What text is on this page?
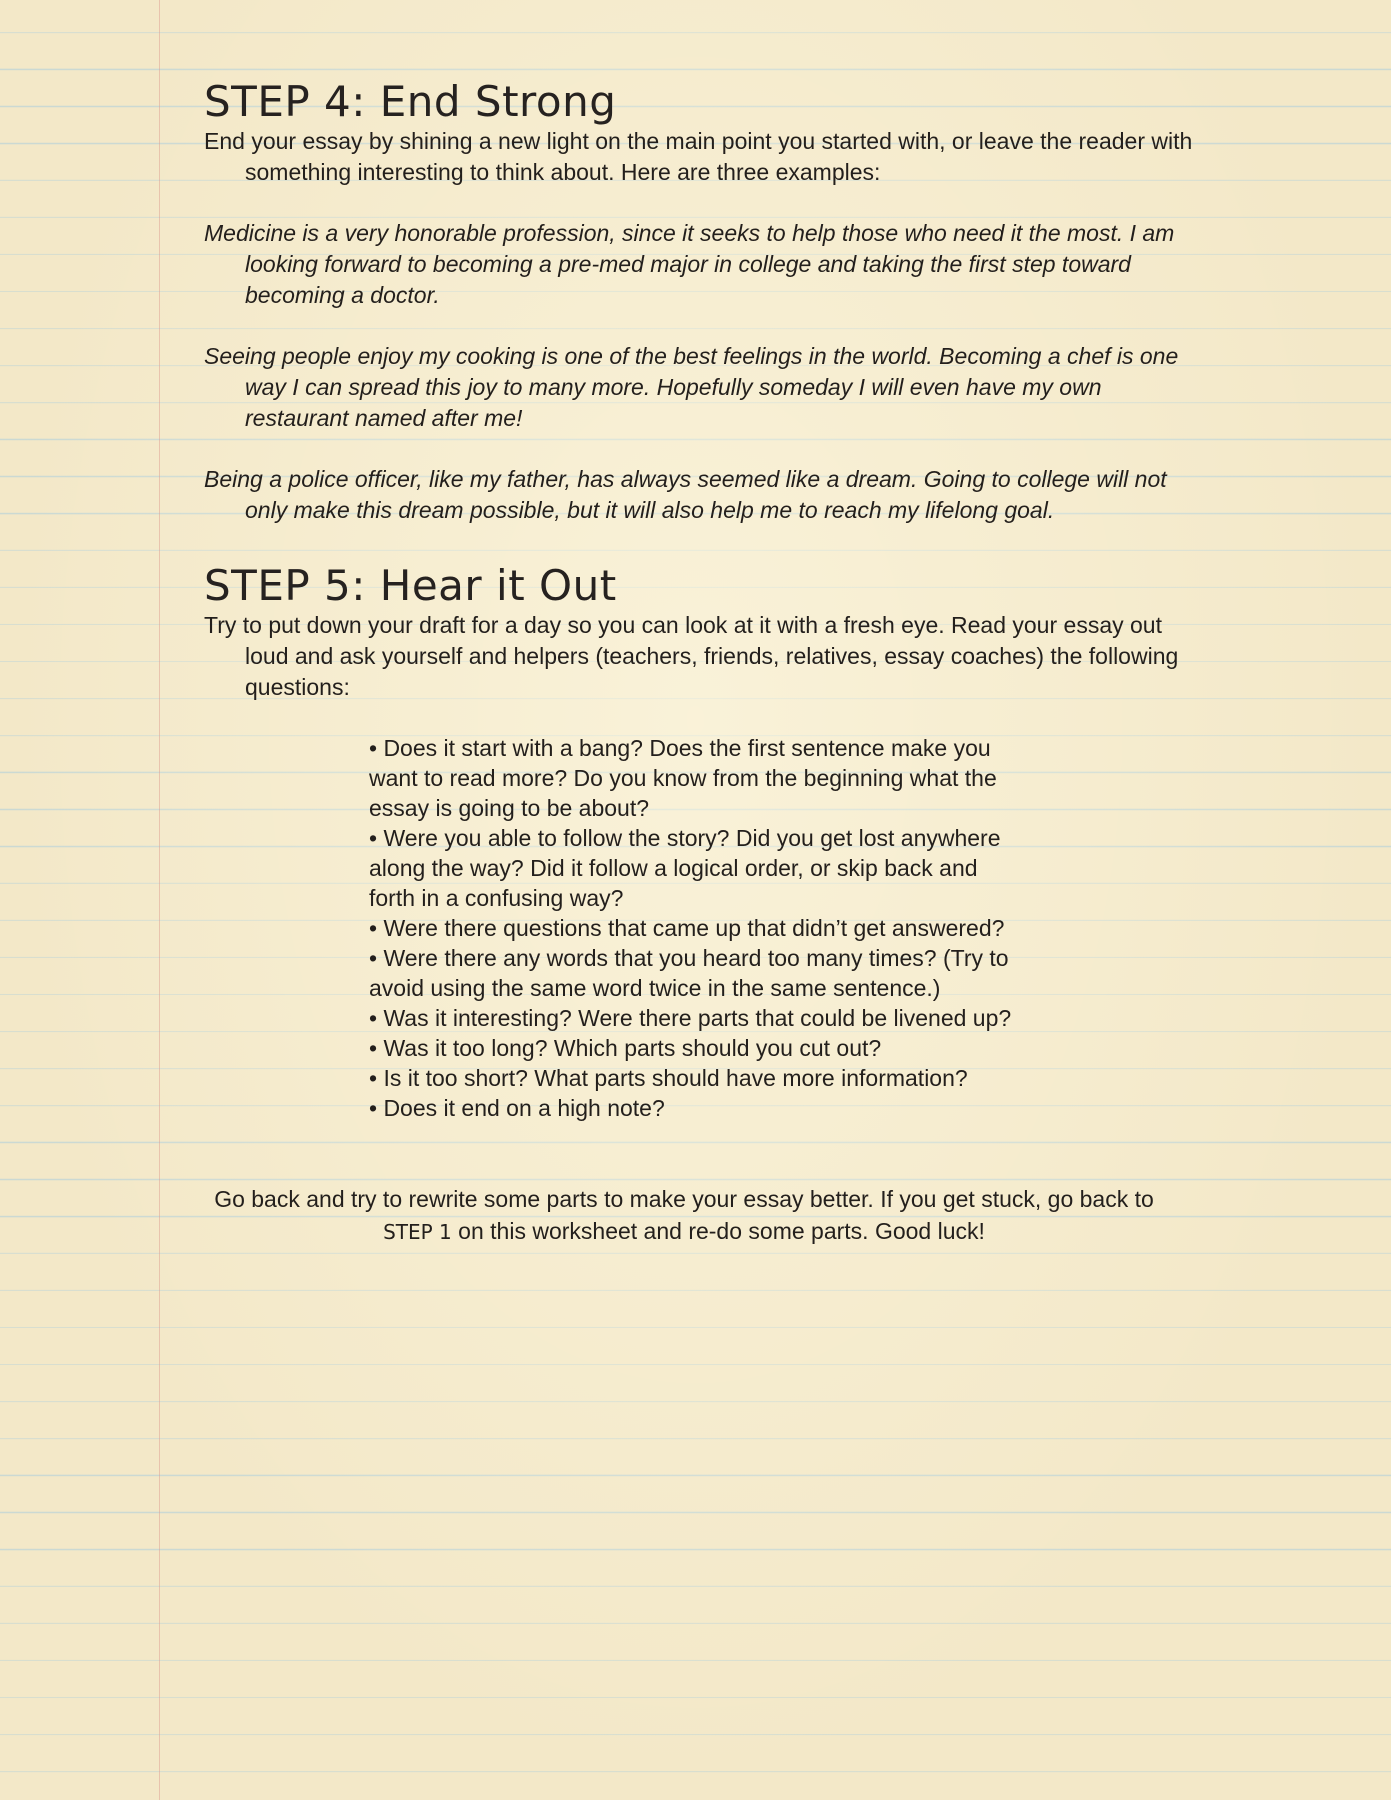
STEP 4: End Strong

End your essay by shining a new light on the main point you started with, or leave the reader with something interesting to think about. Here are three examples:

Medicine is a very honorable profession, since it seeks to help those who need it the most. I am looking forward to becoming a pre-med major in college and taking the first step toward becoming a doctor.

Seeing people enjoy my cooking is one of the best feelings in the world. Becoming a chef is one way I can spread this joy to many more. Hopefully someday I will even have my own restaurant named after me!

Being a police officer, like my father, has always seemed like a dream. Going to college will not only make this dream possible, but it will also help me to reach my lifelong goal.

STEP 5: Hear it Out

Try to put down your draft for a day so you can look at it with a fresh eye. Read your essay out loud and ask yourself and helpers (teachers, friends, relatives, essay coaches) the following questions:

• Does it start with a bang? Does the first sentence make you want to read more? Do you know from the beginning what the essay is going to be about?
• Were you able to follow the story? Did you get lost anywhere along the way? Did it follow a logical order, or skip back and forth in a confusing way?
• Were there questions that came up that didn’t get answered?
• Were there any words that you heard too many times? (Try to avoid using the same word twice in the same sentence.)
• Was it interesting? Were there parts that could be livened up?
• Was it too long? Which parts should you cut out?
• Is it too short? What parts should have more information?
• Does it end on a high note?

Go back and try to rewrite some parts to make your essay better. If you get stuck, go back to STEP 1 on this worksheet and re-do some parts. Good luck!
